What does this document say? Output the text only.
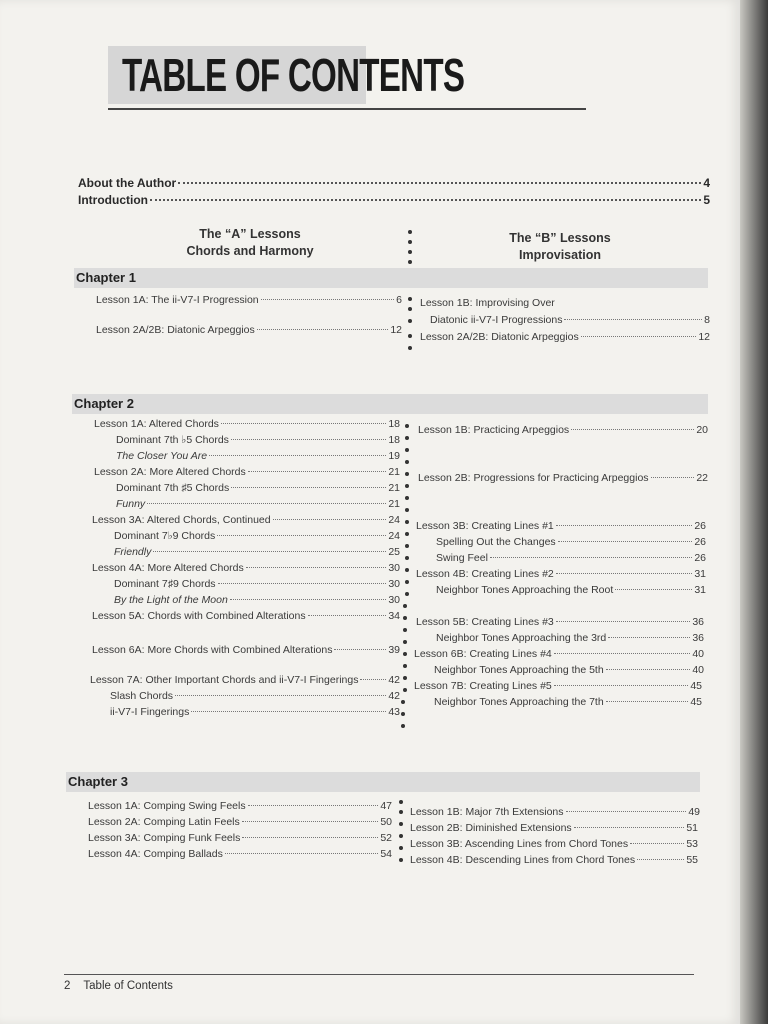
TABLE OF CONTENTS
About the Author	4
Introduction	5
The “A” Lessons
Chords and Harmony
The “B” Lessons
Improvisation
Chapter 1
Lesson 1A: The ii-V7-I Progression	6
Lesson 2A/2B: Diatonic Arpeggios	12
Lesson 1B: Improvising Over
Diatonic ii-V7-I Progressions	8
Lesson 2A/2B: Diatonic Arpeggios	12
Chapter 2
Lesson 1A: Altered Chords	18
Dominant 7th ♭5 Chords	18
The Closer You Are	19
Lesson 2A: More Altered Chords	21
Dominant 7th ♯5 Chords	21
Funny	21
Lesson 3A: Altered Chords, Continued	24
Dominant 7♭9 Chords	24
Friendly	25
Lesson 4A: More Altered Chords	30
Dominant 7♯9 Chords	30
By the Light of the Moon	30
Lesson 5A: Chords with Combined Alterations	34
Lesson 6A: More Chords with Combined Alterations	39
Lesson 7A: Other Important Chords and ii-V7-I Fingerings	42
Slash Chords	42
ii-V7-I Fingerings	43
Lesson 1B: Practicing Arpeggios	20
Lesson 2B: Progressions for Practicing Arpeggios	22
Lesson 3B: Creating Lines #1	26
Spelling Out the Changes	26
Swing Feel	26
Lesson 4B: Creating Lines #2	31
Neighbor Tones Approaching the Root	31
Lesson 5B: Creating Lines #3	36
Neighbor Tones Approaching the 3rd	36
Lesson 6B: Creating Lines #4	40
Neighbor Tones Approaching the 5th	40
Lesson 7B: Creating Lines #5	45
Neighbor Tones Approaching the 7th	45
Chapter 3
Lesson 1A: Comping Swing Feels	47
Lesson 2A: Comping Latin Feels	50
Lesson 3A: Comping Funk Feels	52
Lesson 4A: Comping Ballads	54
Lesson 1B: Major 7th Extensions	49
Lesson 2B: Diminished Extensions	51
Lesson 3B: Ascending Lines from Chord Tones	53
Lesson 4B: Descending Lines from Chord Tones	55
2 Table of Contents
